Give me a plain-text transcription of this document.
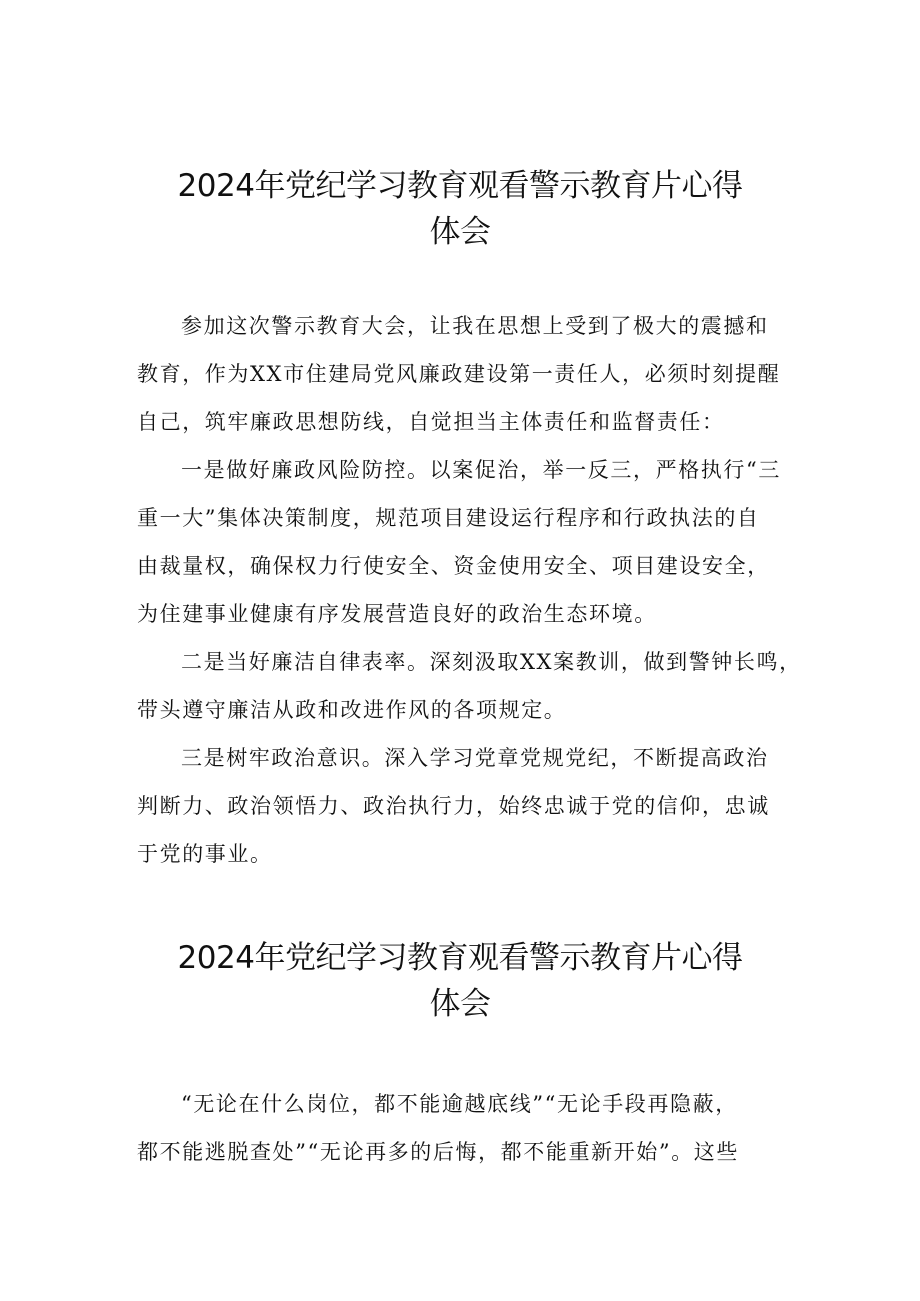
2024年党纪学习教育观看警示教育片心得
体会
参加这次警示教育大会，让我在思想上受到了极大的震撼和
教育，作为XX市住建局党风廉政建设第一责任人，必须时刻提醒
自己，筑牢廉政思想防线，自觉担当主体责任和监督责任：
一是做好廉政风险防控。以案促治，举一反三，严格执行“三
重一大”集体决策制度，规范项目建设运行程序和行政执法的自
由裁量权，确保权力行使安全、资金使用安全、项目建设安全，
为住建事业健康有序发展营造良好的政治生态环境。
二是当好廉洁自律表率。深刻汲取XX案教训，做到警钟长鸣，
带头遵守廉洁从政和改进作风的各项规定。
三是树牢政治意识。深入学习党章党规党纪，不断提高政治
判断力、政治领悟力、政治执行力，始终忠诚于党的信仰，忠诚
于党的事业。
2024年党纪学习教育观看警示教育片心得
体会
“无论在什么岗位，都不能逾越底线”“无论手段再隐蔽，
都不能逃脱查处”“无论再多的后悔，都不能重新开始”。这些
